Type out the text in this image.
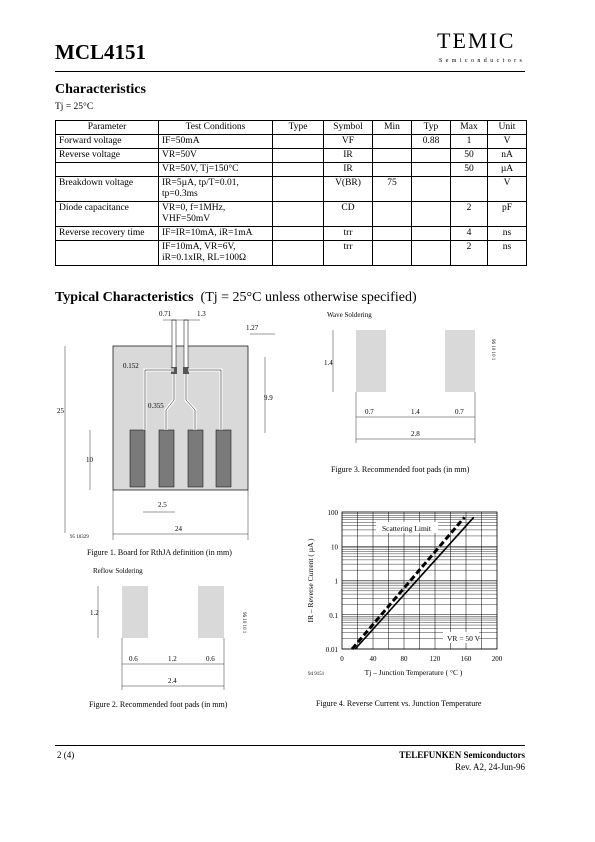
MCL4151	TEMIC
Semiconductors
Characteristics
Tj = 25°C
Parameter	Test Conditions	Type	Symbol	Min	Typ	Max	Unit
Forward voltage	IF=50mA		VF		0.88	1	V
Reverse voltage	VR=50V		IR			50	nA
	VR=50V, Tj=150°C		IR			50	µA
Breakdown voltage	IR=5µA, tp/T=0.01, tp=0.3ms		V(BR)	75			V
Diode capacitance	VR=0, f=1MHz, VHF=50mV		CD			2	pF
Reverse recovery time	IF=IR=10mA, iR=1mA		trr			4	ns
	IF=10mA, VR=6V, iR=0.1xIR, RL=100Ω		trr			2	ns
Typical Characteristics (Tj = 25°C unless otherwise specified)
0.71	1.3
1.27
0.152
0.355
25
9.9
10
2.5
24
95 10329
Figure 1. Board for RthJA definition (in mm)
Reflow Soldering
1.2
0.6	1.2	0.6
2.4
96 10 10 1
Figure 2. Recommended foot pads (in mm)
Wave Soldering
1.4
0.7	1.4	0.7
2.8
96 10 10 1
Figure 3. Recommended foot pads (in mm)
0.01
0.1
1
10
100
0	40	80	120	160	200
Tj – Junction Temperature ( °C )
IR – Reverse Current ( µA )
Scattering Limit
VR = 50 V
94 9151
Figure 4. Reverse Current vs. Junction Temperature
2 (4)	TELEFUNKEN Semiconductors
Rev. A2, 24-Jun-96
